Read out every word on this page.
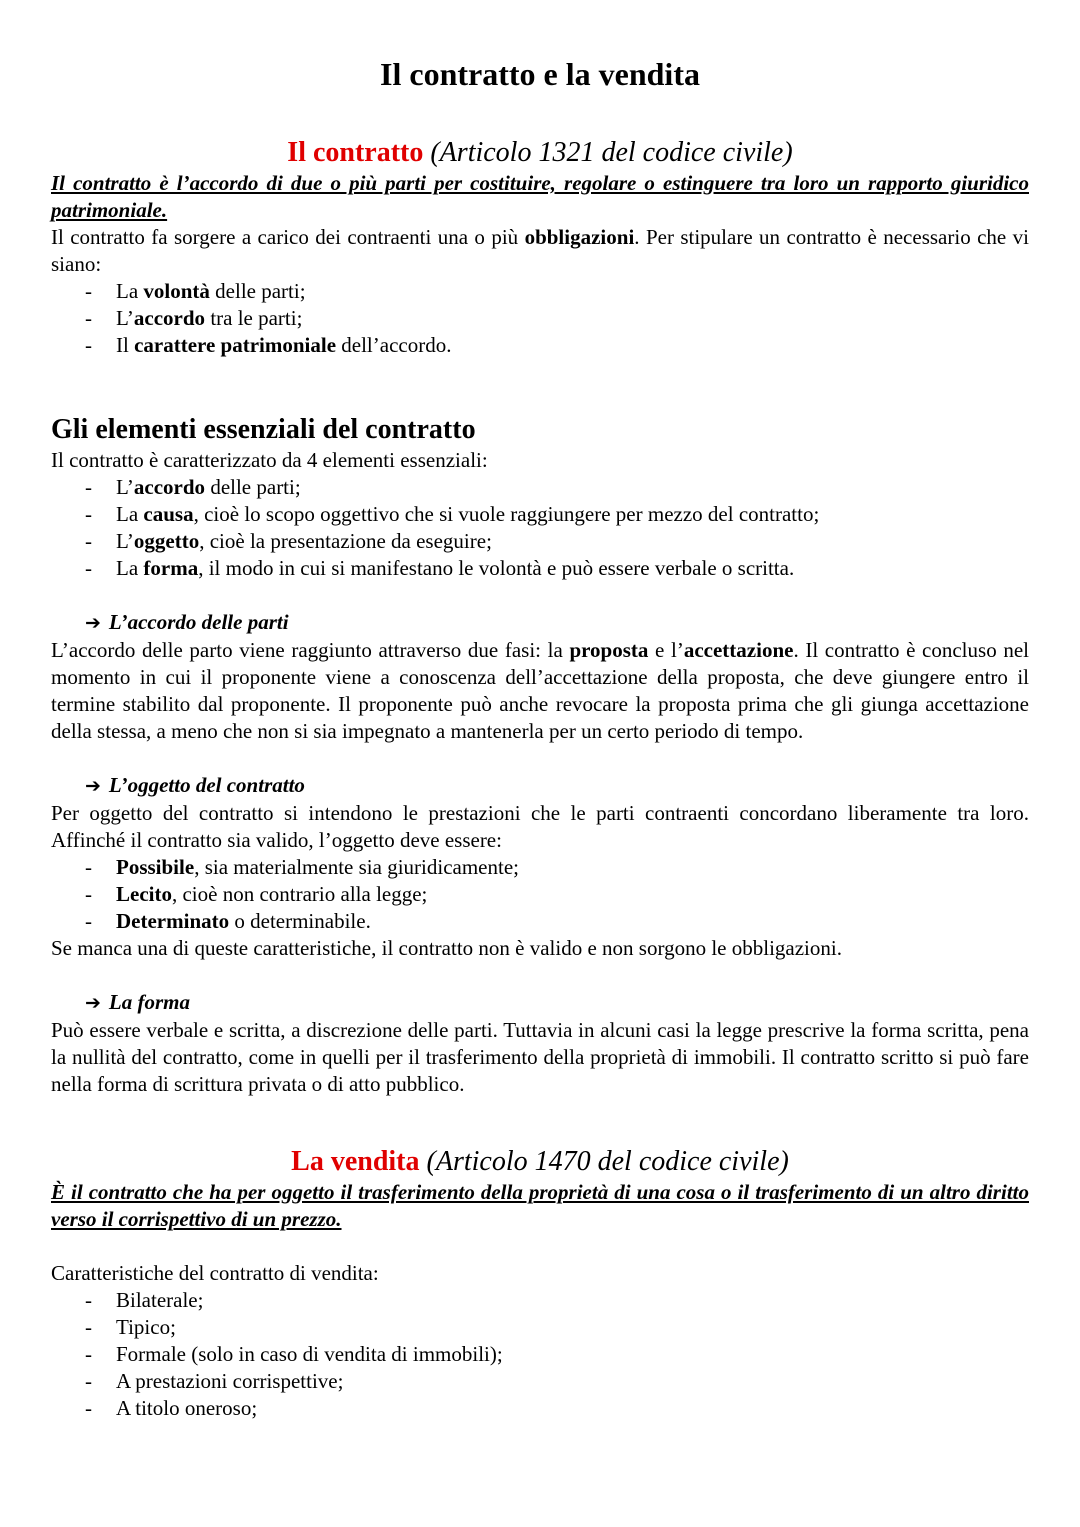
Il contratto e la vendita
Il contratto (Articolo 1321 del codice civile)

Il contratto è l’accordo di due o più parti per costituire, regolare o estinguere tra loro un rapporto giuridico patrimoniale.

Il contratto fa sorgere a carico dei contraenti una o più obbligazioni. Per stipulare un contratto è necessario che vi siano:

- La volontà delle parti;
- L’accordo tra le parti;
- Il carattere patrimoniale dell’accordo.
Gli elementi essenziali del contratto

Il contratto è caratterizzato da 4 elementi essenziali:

- L’accordo delle parti;
- La causa, cioè lo scopo oggettivo che si vuole raggiungere per mezzo del contratto;
- L’oggetto, cioè la presentazione da eseguire;
- La forma, il modo in cui si manifestano le volontà e può essere verbale o scritta.
➔ L’accordo delle parti

L’accordo delle parto viene raggiunto attraverso due fasi: la proposta e l’accettazione. Il contratto è concluso nel momento in cui il proponente viene a conoscenza dell’accettazione della proposta, che deve giungere entro il termine stabilito dal proponente. Il proponente può anche revocare la proposta prima che gli giunga accettazione della stessa, a meno che non si sia impegnato a mantenerla per un certo periodo di tempo.

➔ L’oggetto del contratto

Per oggetto del contratto si intendono le prestazioni che le parti contraenti concordano liberamente tra loro. Affinché il contratto sia valido, l’oggetto deve essere:

- Possibile, sia materialmente sia giuridicamente;
- Lecito, cioè non contrario alla legge;
- Determinato o determinabile.

Se manca una di queste caratteristiche, il contratto non è valido e non sorgono le obbligazioni.

➔ La forma

Può essere verbale e scritta, a discrezione delle parti. Tuttavia in alcuni casi la legge prescrive la forma scritta, pena la nullità del contratto, come in quelli per il trasferimento della proprietà di immobili. Il contratto scritto si può fare nella forma di scrittura privata o di atto pubblico.

La vendita (Articolo 1470 del codice civile)

È il contratto che ha per oggetto il trasferimento della proprietà di una cosa o il trasferimento di un altro diritto verso il corrispettivo di un prezzo.

Caratteristiche del contratto di vendita:

- Bilaterale;
- Tipico;
- Formale (solo in caso di vendita di immobili);
- A prestazioni corrispettive;
- A titolo oneroso;
